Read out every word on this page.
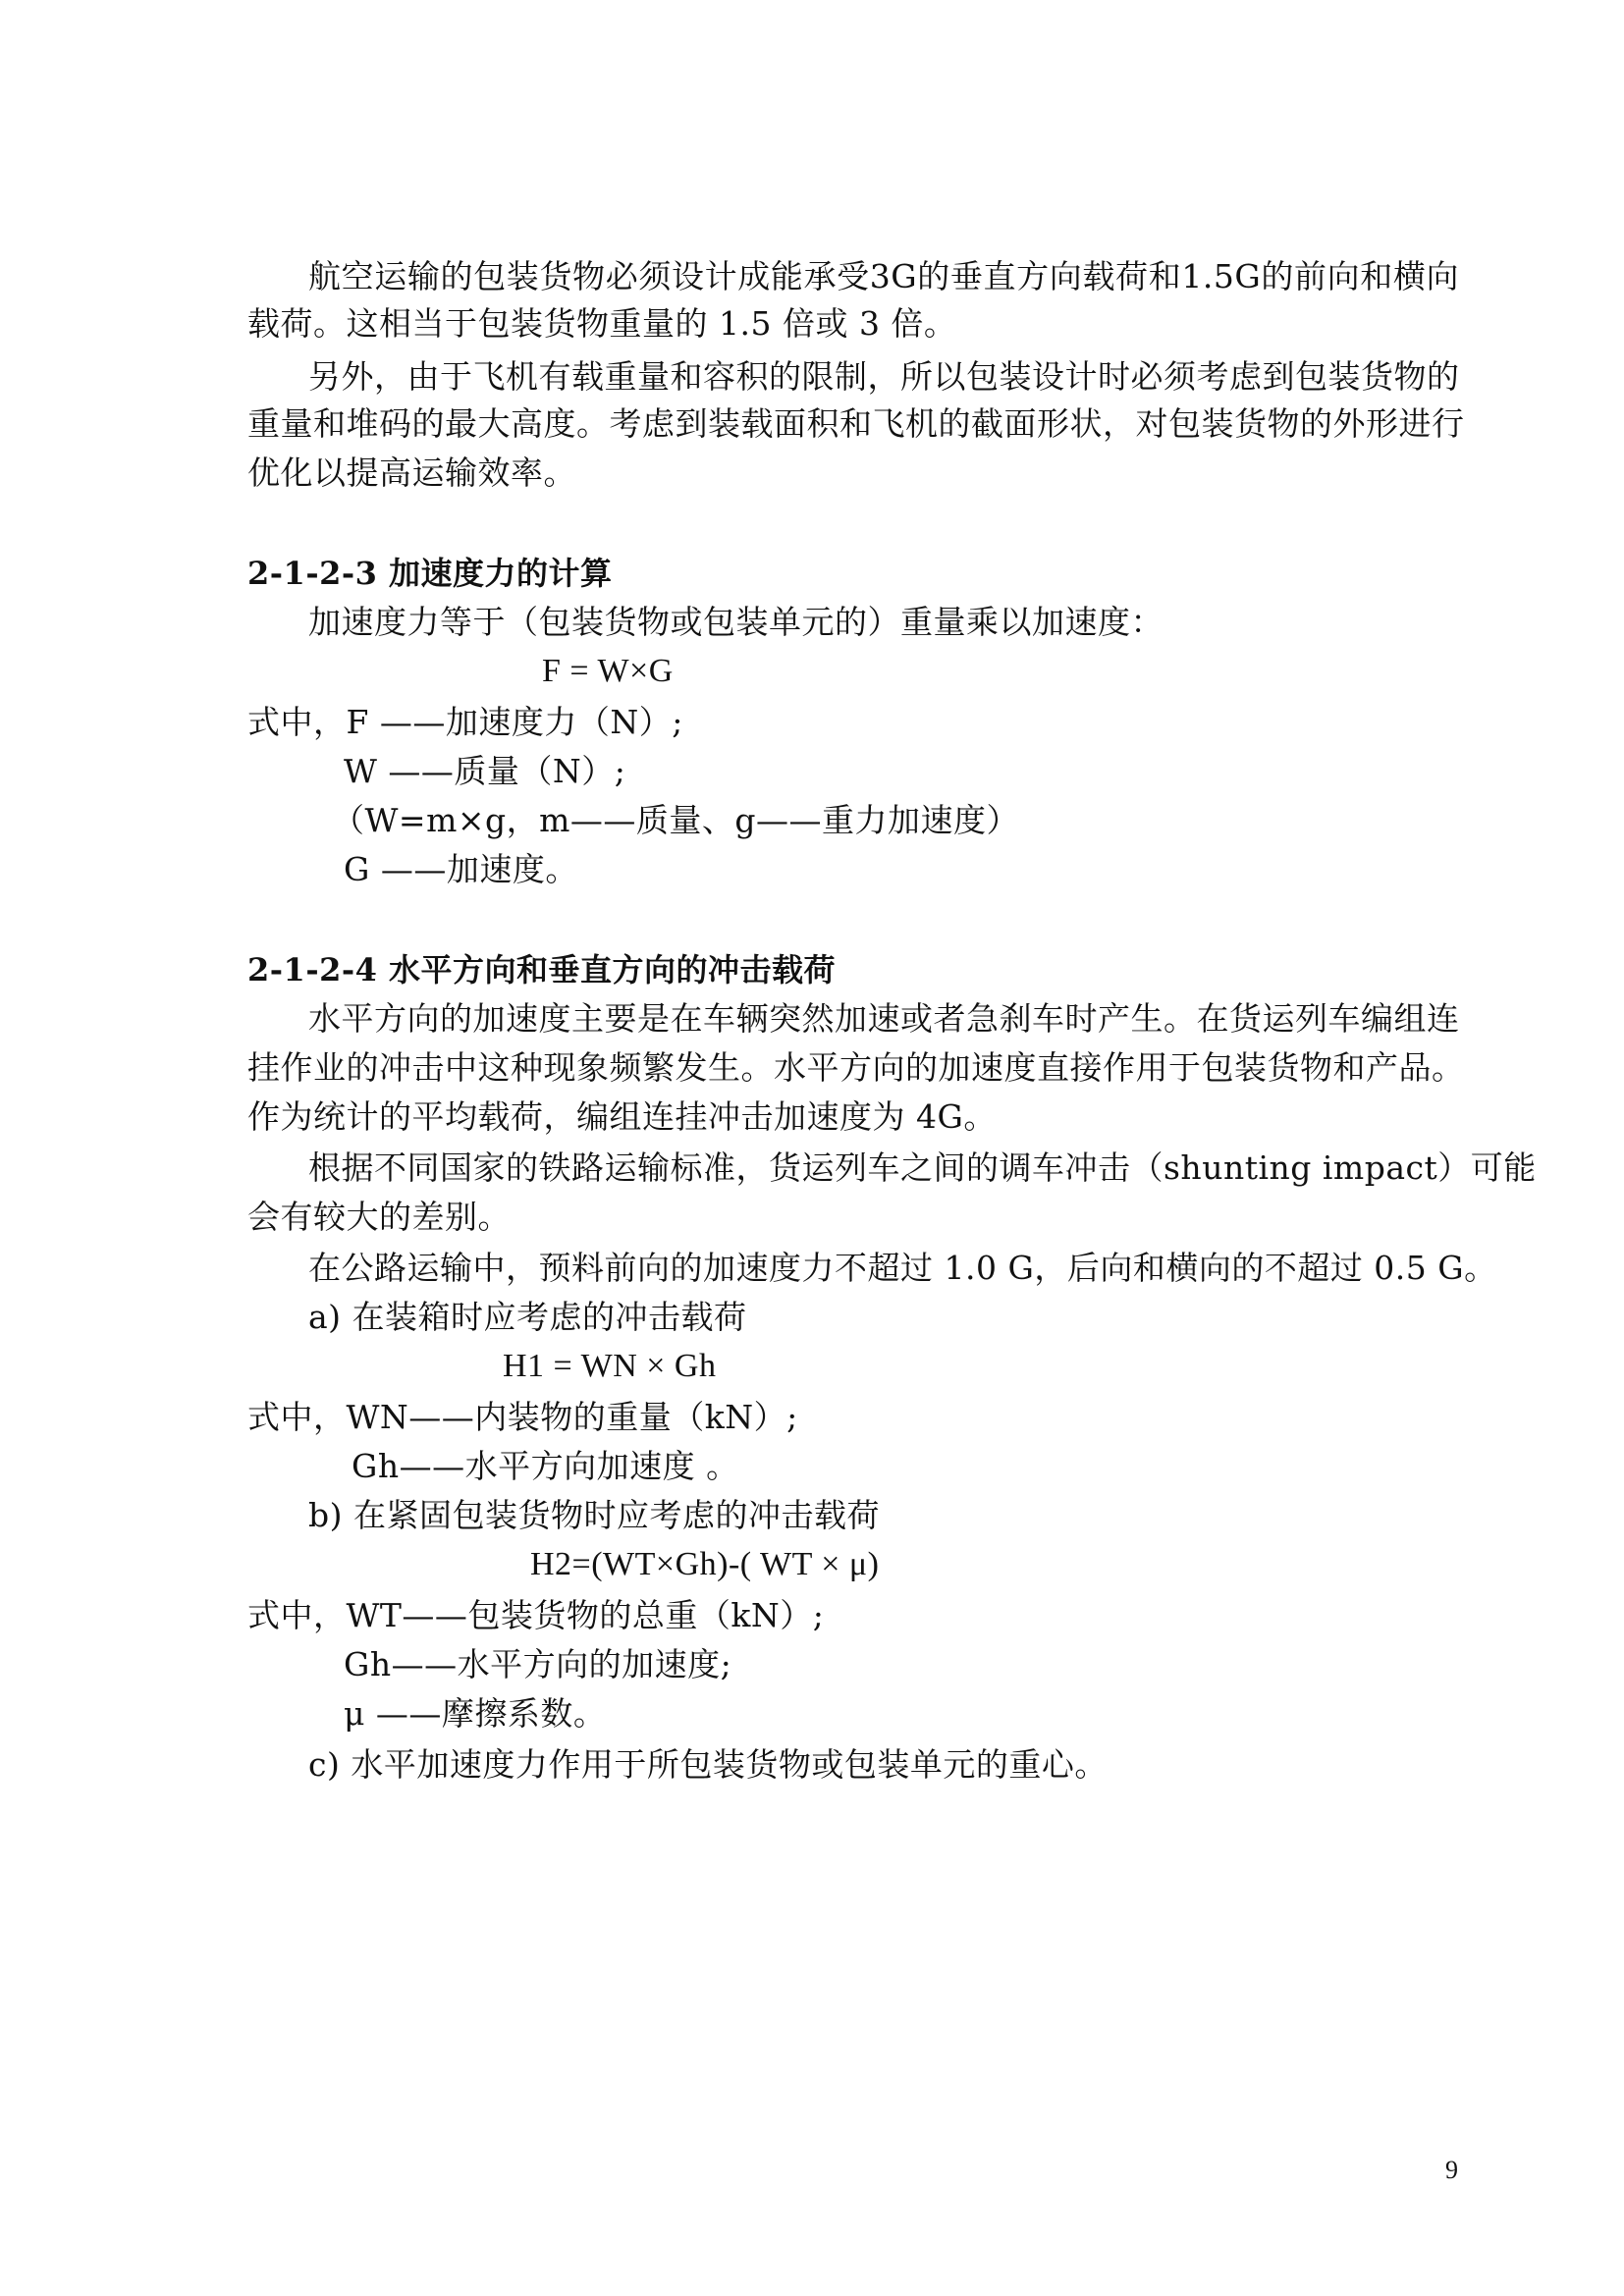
航空运输的包装货物必须设计成能承受3G的垂直方向载荷和1.5G的前向和横向
载荷。这相当于包装货物重量的 1.5 倍或 3 倍。
另外，由于飞机有载重量和容积的限制，所以包装设计时必须考虑到包装货物的
重量和堆码的最大高度。考虑到装载面积和飞机的截面形状，对包装货物的外形进行
优化以提高运输效率。
2-1-2-3 加速度力的计算
加速度力等于（包装货物或包装单元的）重量乘以加速度：
F = W×G
式中，F ——加速度力（N）;
W ——质量（N）;
（W=m×g，m——质量、g——重力加速度）
G ——加速度。
2-1-2-4 水平方向和垂直方向的冲击载荷
水平方向的加速度主要是在车辆突然加速或者急刹车时产生。在货运列车编组连
挂作业的冲击中这种现象频繁发生。水平方向的加速度直接作用于包装货物和产品。
作为统计的平均载荷，编组连挂冲击加速度为 4G。
根据不同国家的铁路运输标准，货运列车之间的调车冲击（shunting impact）可能
会有较大的差别。
在公路运输中，预料前向的加速度力不超过 1.0 G，后向和横向的不超过 0.5 G。
a) 在装箱时应考虑的冲击载荷
H1 = WN × Gh
式中，WN——内装物的重量（kN）;
Gh——水平方向加速度 。
b) 在紧固包装货物时应考虑的冲击载荷
H2=(WT×Gh)-( WT × μ)
式中，WT——包装货物的总重（kN）;
Gh——水平方向的加速度;
μ ——摩擦系数。
c) 水平加速度力作用于所包装货物或包装单元的重心。
9
